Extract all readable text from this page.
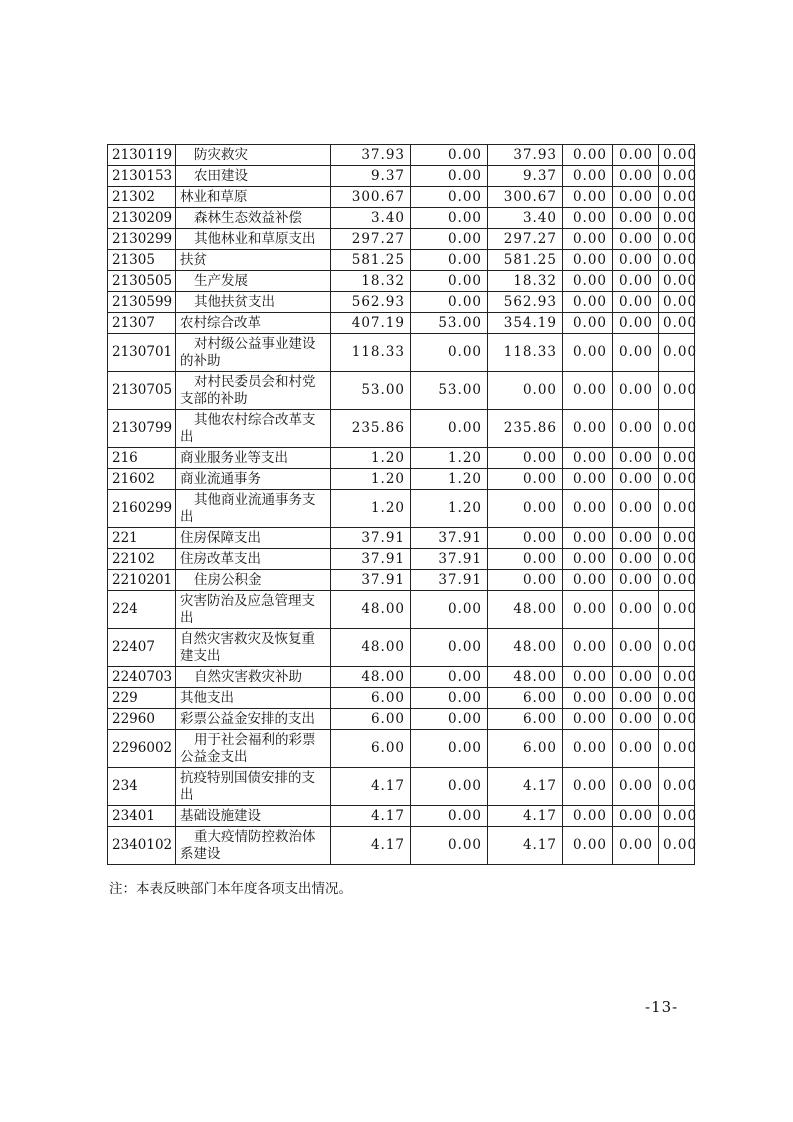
2130119	防灾救灾	37.93	0.00	37.93	0.00	0.00	0.00
2130153	农田建设	9.37	0.00	9.37	0.00	0.00	0.00
21302	林业和草原	300.67	0.00	300.67	0.00	0.00	0.00
2130209	森林生态效益补偿	3.40	0.00	3.40	0.00	0.00	0.00
2130299	其他林业和草原支出	297.27	0.00	297.27	0.00	0.00	0.00
21305	扶贫	581.25	0.00	581.25	0.00	0.00	0.00
2130505	生产发展	18.32	0.00	18.32	0.00	0.00	0.00
2130599	其他扶贫支出	562.93	0.00	562.93	0.00	0.00	0.00
21307	农村综合改革	407.19	53.00	354.19	0.00	0.00	0.00
2130701	对村级公益事业建设的补助	118.33	0.00	118.33	0.00	0.00	0.00
2130705	对村民委员会和村党支部的补助	53.00	53.00	0.00	0.00	0.00	0.00
2130799	其他农村综合改革支出	235.86	0.00	235.86	0.00	0.00	0.00
216	商业服务业等支出	1.20	1.20	0.00	0.00	0.00	0.00
21602	商业流通事务	1.20	1.20	0.00	0.00	0.00	0.00
2160299	其他商业流通事务支出	1.20	1.20	0.00	0.00	0.00	0.00
221	住房保障支出	37.91	37.91	0.00	0.00	0.00	0.00
22102	住房改革支出	37.91	37.91	0.00	0.00	0.00	0.00
2210201	住房公积金	37.91	37.91	0.00	0.00	0.00	0.00
224	灾害防治及应急管理支出	48.00	0.00	48.00	0.00	0.00	0.00
22407	自然灾害救灾及恢复重建支出	48.00	0.00	48.00	0.00	0.00	0.00
2240703	自然灾害救灾补助	48.00	0.00	48.00	0.00	0.00	0.00
229	其他支出	6.00	0.00	6.00	0.00	0.00	0.00
22960	彩票公益金安排的支出	6.00	0.00	6.00	0.00	0.00	0.00
2296002	用于社会福利的彩票公益金支出	6.00	0.00	6.00	0.00	0.00	0.00
234	抗疫特别国债安排的支出	4.17	0.00	4.17	0.00	0.00	0.00
23401	基础设施建设	4.17	0.00	4.17	0.00	0.00	0.00
2340102	重大疫情防控救治体系建设	4.17	0.00	4.17	0.00	0.00	0.00
注：本表反映部门本年度各项支出情况。
-13-
